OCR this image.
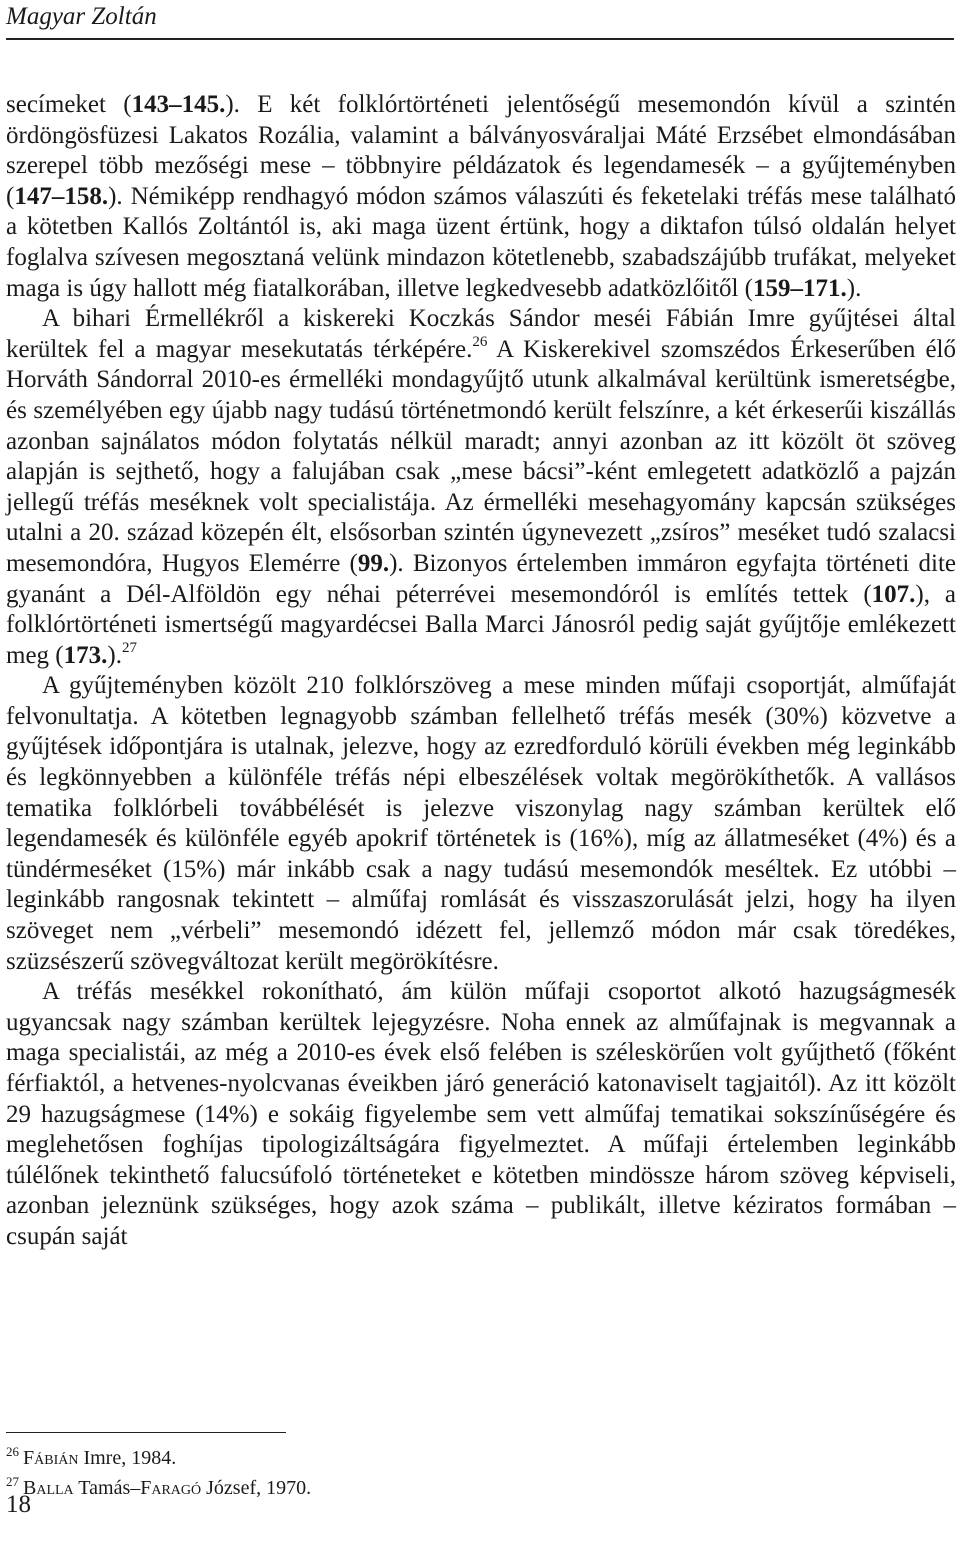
Magyar Zoltán

secímeket (143–145.). E két folklórtörténeti jelentőségű mesemondón kívül a szintén ördöngösfüzesi Lakatos Rozália, valamint a bálványosváraljai Máté Erzsébet elmondásában szerepel több mezőségi mese – többnyire példázatok és legendamesék – a gyűjteményben (147–158.). Némiképp rendhagyó módon számos válaszúti és feketelaki tréfás mese található a kötetben Kallós Zoltántól is, aki maga üzent értünk, hogy a diktafon túlsó oldalán helyet foglalva szívesen megosztaná velünk mindazon kötetlenebb, szabadszájúbb trufákat, melyeket maga is úgy hallott még fiatalkorában, illetve legkedvesebb adatközlőitől (159–171.).

A bihari Érmellékről a kiskereki Koczkás Sándor meséi Fábián Imre gyűjtései által kerültek fel a magyar mesekutatás térképére.$^{26}$ A Kiskerekivel szomszédos Érkeserűben élő Horváth Sándorral 2010-es érmelléki mondagyűjtő utunk alkalmával kerültünk ismeretségbe, és személyében egy újabb nagy tudású történetmondó került felszínre, a két érkeserűi kiszállás azonban sajnálatos módon folytatás nélkül maradt; annyi azonban az itt közölt öt szöveg alapján is sejthető, hogy a falujában csak „mese bácsi”-ként emlegetett adatközlő a pajzán jellegű tréfás meséknek volt specialistája. Az érmelléki mesehagyomány kapcsán szükséges utalni a 20. század közepén élt, elsősorban szintén úgynevezett „zsíros” meséket tudó szalacsi mesemondóra, Hugyos Elemérre (99.). Bizonyos értelemben immáron egyfajta történeti dite gyanánt a Dél-Alföldön egy néhai péterrévei mesemondóról is említés tettek (107.), a folklórtörténeti ismertségű magyardécsei Balla Marci Jánosról pedig saját gyűjtője emlékezett meg (173.).$^{27}$

A gyűjteményben közölt 210 folklórszöveg a mese minden műfaji csoportját, alműfaját felvonultatja. A kötetben legnagyobb számban fellelhető tréfás mesék (30%) közvetve a gyűjtések időpontjára is utalnak, jelezve, hogy az ezredforduló körüli években még leginkább és legkönnyebben a különféle tréfás népi elbeszélések voltak megörökíthetők. A vallásos tematika folklórbeli továbbélését is jelezve viszonylag nagy számban kerültek elő legendamesék és különféle egyéb apokrif történetek is (16%), míg az állatmeséket (4%) és a tündérmeséket (15%) már inkább csak a nagy tudású mesemondók meséltek. Ez utóbbi – leginkább rangosnak tekintett – alműfaj romlását és visszaszorulását jelzi, hogy ha ilyen szöveget nem „vérbeli” mesemondó idézett fel, jellemző módon már csak töredékes, szüzsészerű szövegváltozat került megörökítésre.

A tréfás mesékkel rokonítható, ám külön műfaji csoportot alkotó hazugságmesék ugyancsak nagy számban kerültek lejegyzésre. Noha ennek az alműfajnak is megvannak a maga specialistái, az még a 2010-es évek első felében is széleskörűen volt gyűjthető (főként férfiaktól, a hetvenes-nyolcvanas éveikben járó generáció katonaviselt tagjaitól). Az itt közölt 29 hazugságmese (14%) e sokáig figyelembe sem vett alműfaj tematikai sokszínűségére és meglehetősen foghíjas tipologizáltságára figyelmeztet. A műfaji értelemben leginkább túlélőnek tekinthető falucsúfoló történeteket e kötetben mindössze három szöveg képviseli, azonban jeleznünk szükséges, hogy azok száma – publikált, illetve kéziratos formában – csupán saját

$^{26}$ Fábián Imre, 1984.

$^{27}$ Balla Tamás–Faragó József, 1970.

18
